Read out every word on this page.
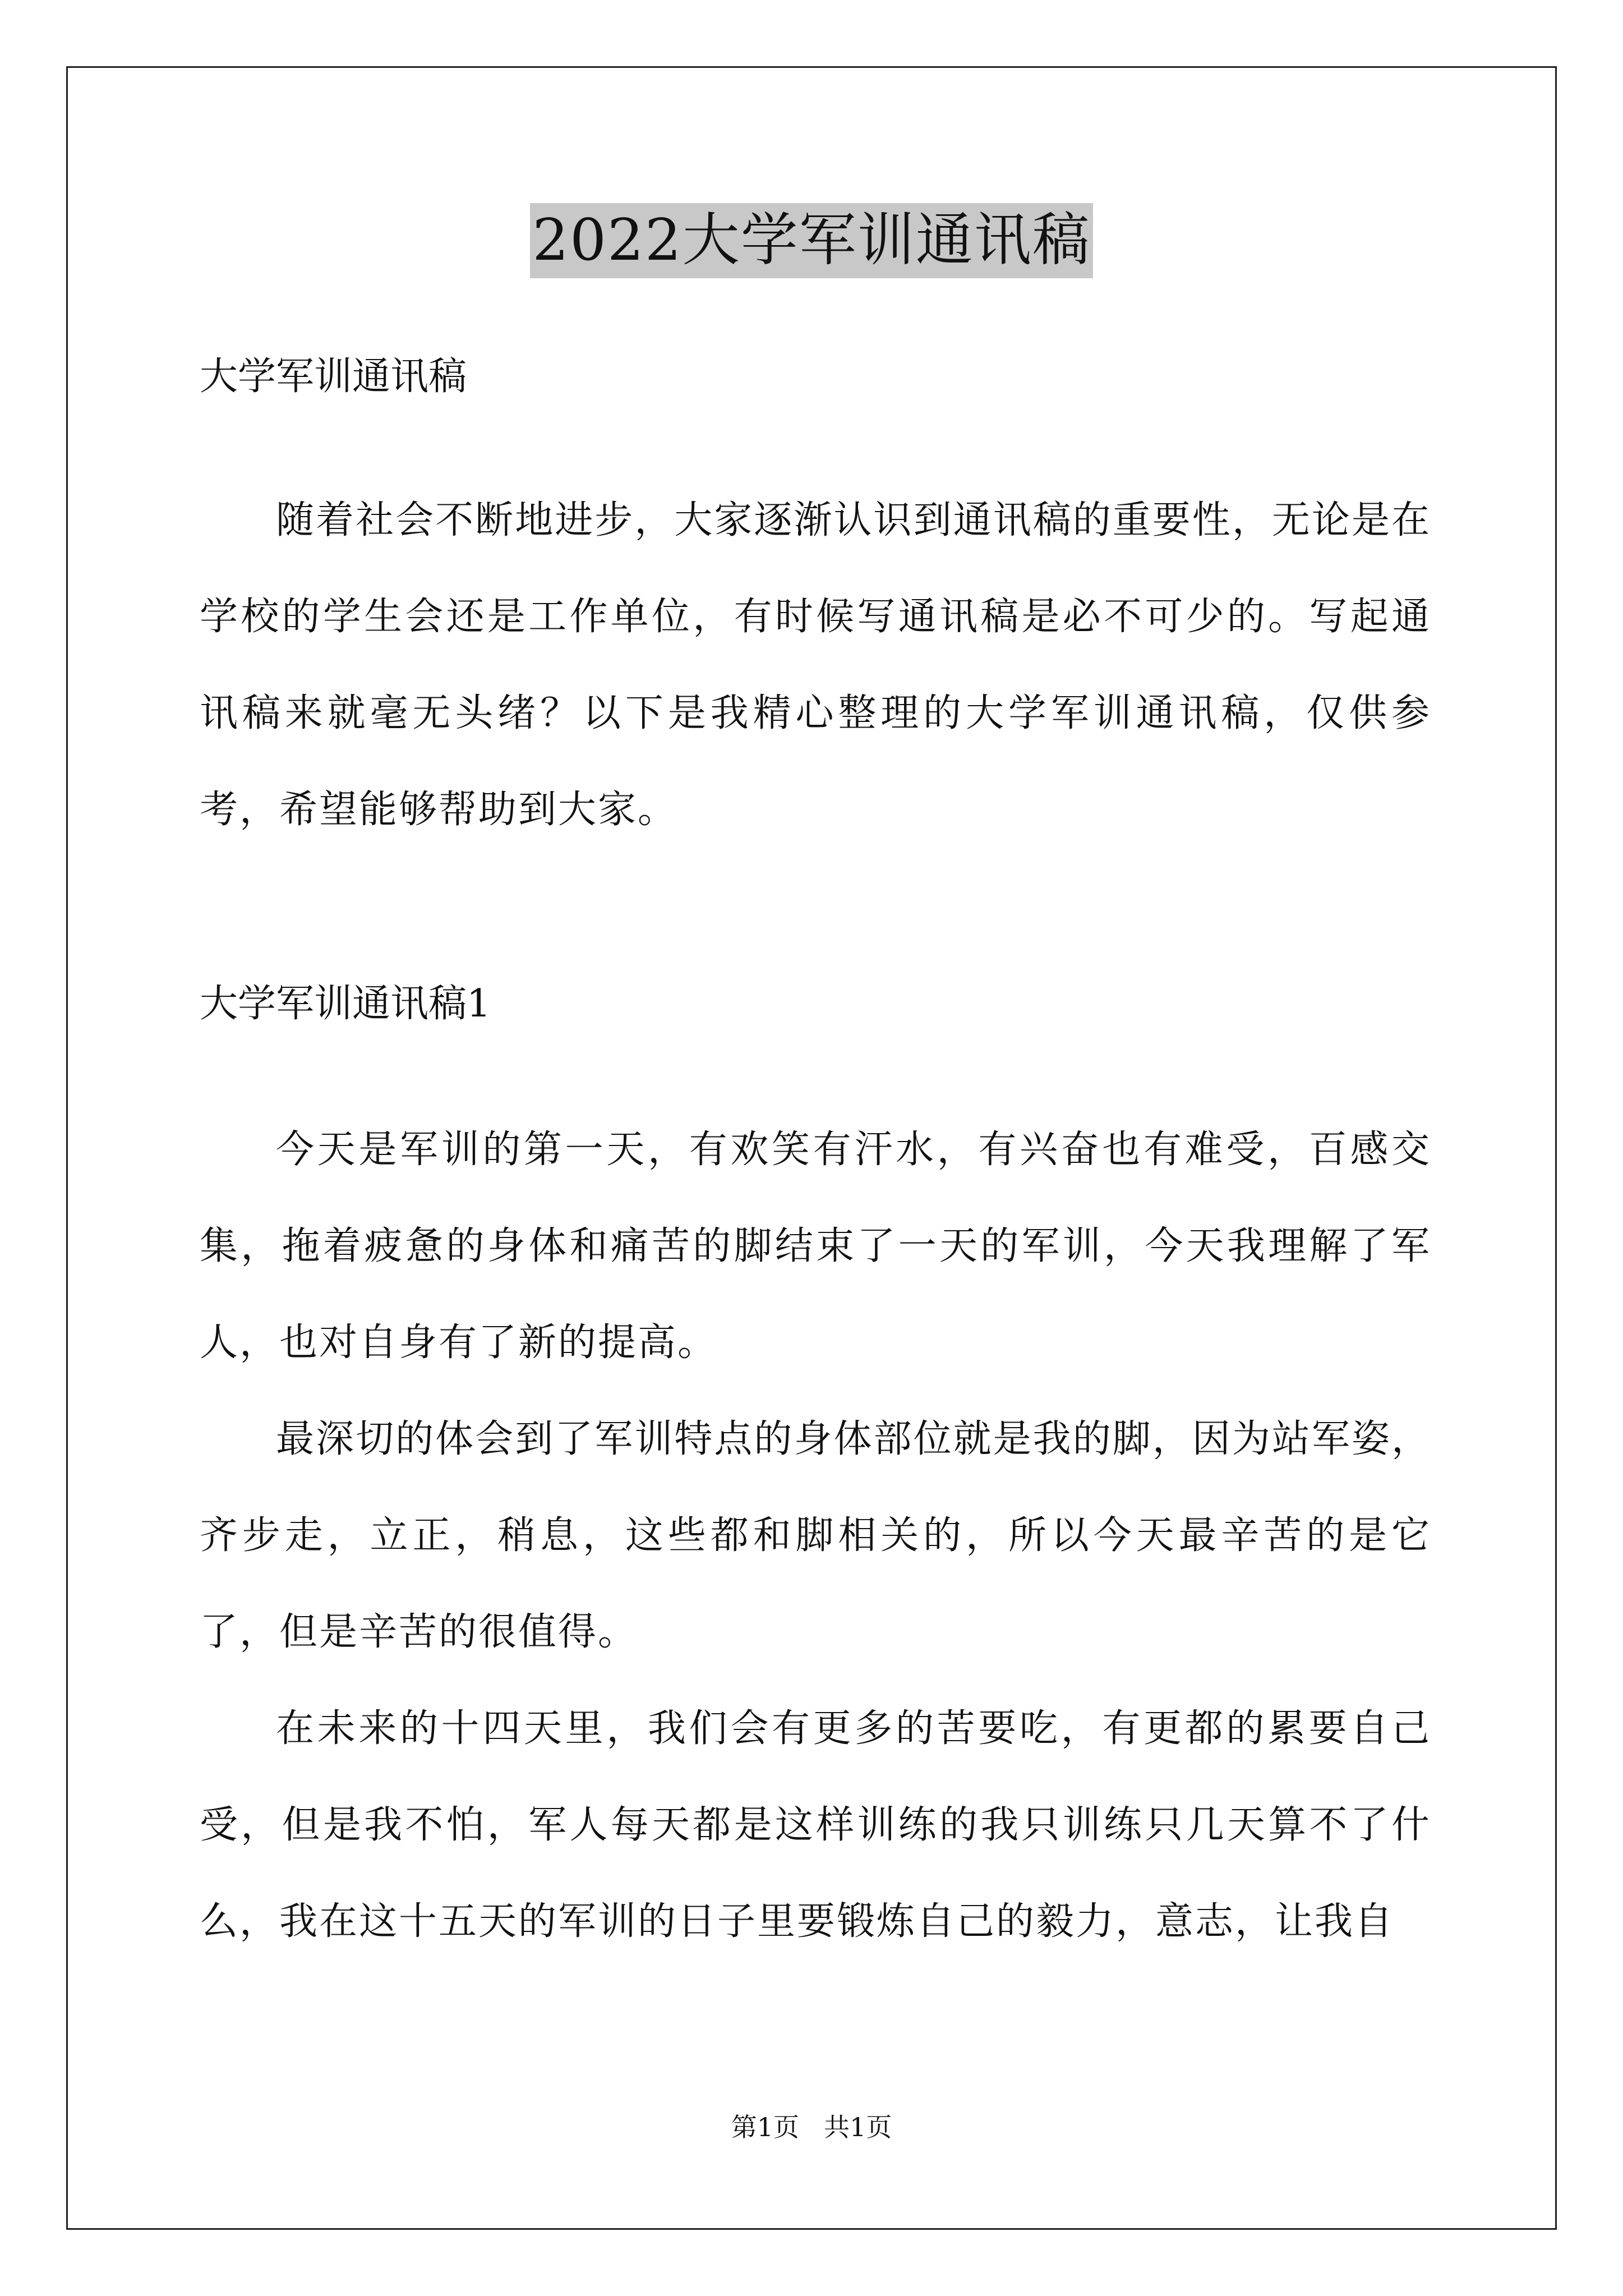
2022大学军训通讯稿

大学军训通讯稿

随着社会不断地进步，大家逐渐认识到通讯稿的重要性，无论是在学校的学生会还是工作单位，有时候写通讯稿是必不可少的。写起通讯稿来就毫无头绪？以下是我精心整理的大学军训通讯稿，仅供参考，希望能够帮助到大家。

大学军训通讯稿1

今天是军训的第一天，有欢笑有汗水，有兴奋也有难受，百感交集，拖着疲惫的身体和痛苦的脚结束了一天的军训，今天我理解了军人，也对自身有了新的提高。

最深切的体会到了军训特点的身体部位就是我的脚，因为站军姿，齐步走，立正，稍息，这些都和脚相关的，所以今天最辛苦的是它了，但是辛苦的很值得。

在未来的十四天里，我们会有更多的苦要吃，有更都的累要自己受，但是我不怕，军人每天都是这样训练的我只训练只几天算不了什么，我在这十五天的军训的日子里要锻炼自己的毅力，意志，让我自

第1页 共1页
